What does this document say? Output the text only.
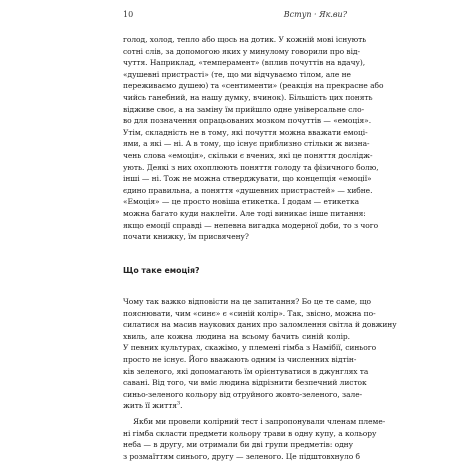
10	Вступ · Як.ви?

голод, холод, тепло або щось на дотик. У кожній мові існують
сотні слів, за допомогою яких у минулому говорили про від-
чуття. Наприклад, «темперамент» (вплив почуттів на вдачу),
«душевні пристрасті» (те, що ми відчуваємо тілом, але не
переживаємо душею) та «сентименти» (реакція на прекрасне або
чийсь ганебний, на нашу думку, вчинок). Більшість цих понять
відживе своє, а на заміну їм прийшло одне універсальне сло-
во для позначення опрацьованих мозком почуттів — «емоція».
Утім, складність не в тому, які почуття можна вважати емоці-
ями, а які — ні. А в тому, що існує приблизно стільки ж визна-
чень слова «емоція», скільки є вчених, які це поняття дослідж-
ують. Деякі з них охоплюють поняття голоду та фізичного болю,
інші — ні. Тож не можна стверджувати, що концепція «емоції»
єдино правильна, а поняття «душевних пристрастей» — хибне.
«Емоція» — це просто новіша етикетка. І додам — етикетка
можна багато куди наклеїти. Але тоді виникає інше питання:
якщо емоції справді — непевна вигадка модерної доби, то з чого
почати книжку, їм присвячену?

Що таке емоція?

Чому так важко відповісти на це запитання? Бо це те саме, що
пояснювати, чим «синє» є «синій колір». Так, звісно, можна по-
силатися на масив наукових даних про заломлення світла й довжину
хвиль, але кожна людина на всьому бачить синій колір.
У певних культурах, скажімо, у племені гімба з Намібії, синього
просто не існує. Його вважають одним із численних відтін-
ків зеленого, які допомагають їм орієнтуватися в джунглях та
савані. Від того, чи вміє людина відрізнити безпечний листок
синьо-зеленого кольору від отруйного жовто-зеленого, зале-
жить її життя$^3$.

Якби ми провели колірний тест і запропонували членам племе-
ні гімба скласти предмети кольору трави в одну купу, а кольору
неба — в другу, ми отримали би дві групи предметів: одну
з розмаїттям синього, другу — зеленого. Це підштовхнуло б
